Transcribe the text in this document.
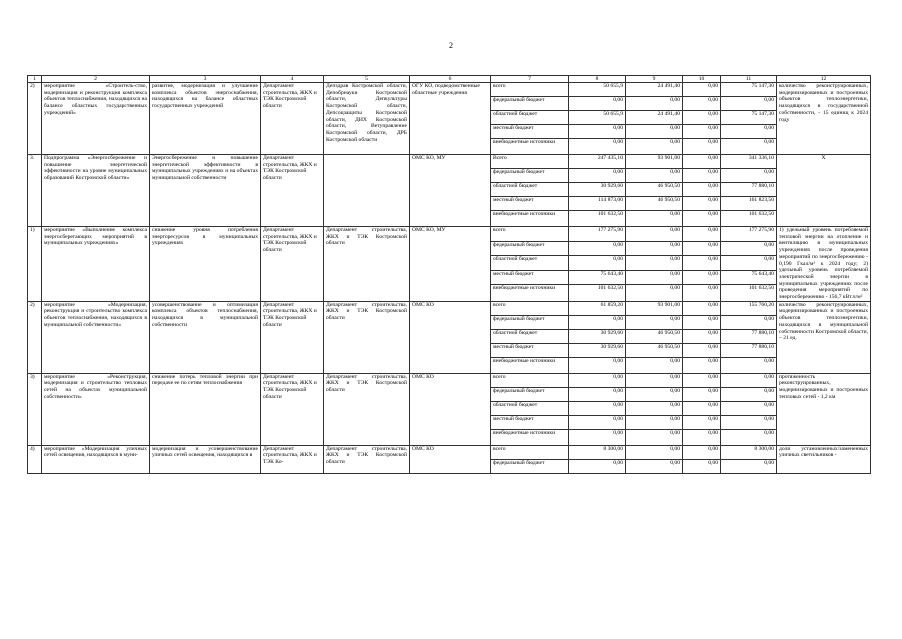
2
1	2	3	4	5	6	7	8	9	10	11	12
2)	мероприятие «Строитель-ство, модернизация и реконструкция комплекса объектов теплоснабжения, находящихся на балансе областных государственных учреждений»	развитие, модернизация и улучшение комплекса объектов энергоснабжения, находящихся на балансе областных государственных учреждений	Департамент строительства, ЖКХ и ТЭК Костромской области	Депздрав Костромской области, Депобрнауки Костромской области, Депкультуры Костромской области, Депсоцзащиты Костромской области, ДИХ Костромской области, Ветуправление Костромской области, ДРБ Костромской области	ОГУ КО, подведомственные областные учреждения	всего	50 655,9	24 491,40	0,00	75 147,30	количество реконструированных, модернизированных и построенных объектов теплоэнергетики, находящихся в государственной собственности, - 15 единиц к 2024 году
						федеральный бюджет	0,00	0,00	0,00	0,00	
						областной бюджет	50 655,9	24 491,40	0,00	75 147,30	
						местный бюджет	0,00	0,00	0,00	0,00	
						внебюджетные источники	0,00	0,00	0,00	0,00	
3.	Подпрограмма «Энергосбережение и повышение энергетической эффективности на уровне муниципальных образований Костромской области»	Энергосбережение и повышение энергетической эффективности в муниципальных учреждениях и на объектах муниципальной собственности	Департамент строительства, ЖКХ и ТЭК Костромской области		ОМС КО, МУ	Всего	247 435,10	93 901,00	0,00	341 336,10	X
						федеральный бюджет	0,00	0,00	0,00	0,00	
						областной бюджет	30 929,60	46 950,50	0,00	77 880,10	
						местный бюджет	114 873,00	46 950,50	0,00	161 823,50	
						внебюджетные источники	101 632,50	0,00	0,00	101 632,50	
1)	мероприятие «Выполнение комплекса энергосберегающих мероприятий в муниципальных учреждениях»	снижение уровня потребления энергоресурсов в муниципальных учреждениях	Департамент строительства, ЖКХ и ТЭК Костромской области	Департамент строительства, ЖКХ и ТЭК Костромской области	ОМС КО, МУ	всего	177 275,90	0,00	0,00	177 275,90	1) удельный уровень потребляемой тепловой энергии на отопление и вентиляцию в муниципальных учреждениях после проведения мероприятий по энергосбережению - 0,190 Гкал/м² к 2024 году; 2) удельный уровень потребляемой электрической энергии в муниципальных учреждениях после проведения мероприятий по энергосбережению - 156,7 кВт.ч/м²
						федеральный бюджет	0,00	0,00	0,00	0,00	
						областной бюджет	0,00	0,00	0,00	0,00	
						местный бюджет	75 643,40	0,00	0,00	75 643,40	
						внебюджетные источники	101 632,50	0,00	0,00	101 632,50	
2)	мероприятие «Модернизация, реконструкция и строительство комплекса объектов теплоснабжения, находящихся в муниципальной собственности»	усовершенствование и оптимизация комплекса объектов теплоснабжения, находящихся в муниципальной собственности	Департамент строительства, ЖКХ и ТЭК Костромской области	Департамент строительства, ЖКХ и ТЭК Костромской области	ОМС КО	всего	61 859,20	93 901,00	0,00	155 760,20	количество реконструированных, модернизированных и построенных объектов теплоэнергетики, находящихся в муниципальной собственности Костромской области, – 21 ед.
						федеральный бюджет	0,00	0,00	0,00	0,00	
						областной бюджет	30 929,60	46 950,50	0,00	77 880,10	
						местный бюджет	30 929,60	46 950,50	0,00	77 880,10	
						внебюджетные источники	0,00	0,00	0,00	0,00	
3)	мероприятие «Реконструкция, модернизация и строительство тепловых сетей на объектах муниципальной собственности»	снижение потерь тепловой энергии при передаче ее по сетям теплоснабжения	Департамент строительства, ЖКХ и ТЭК Костромской области	Департамент строительства, ЖКХ и ТЭК Костромской области	ОМС КО	всего	0,00	0,00	0,00	0,00	протяженность реконструированных, модернизированных и построенных тепловых сетей - 1,2 км
						федеральный бюджет	0,00	0,00	0,00	0,00	
						областной бюджет	0,00	0,00	0,00	0,00	
						местный бюджет	0,00	0,00	0,00	0,00	
						внебюджетные источники	0,00	0,00	0,00	0,00	
4)	мероприятие «Модернизация уличных сетей освещения, находящихся в муни-	модернизация и усовершенствование уличных сетей освещения, находящихся в	Департамент строительства, ЖКХ и ТЭК Ко-	Департамент строительства, ЖКХ и ТЭК Костромской области	ОМС КО	всего	8 300,00	0,00	0,00	8 300,00	доля установленных/замененных уличных светильников -
						федеральный бюджет	0,00	0,00	0,00	0,00	
